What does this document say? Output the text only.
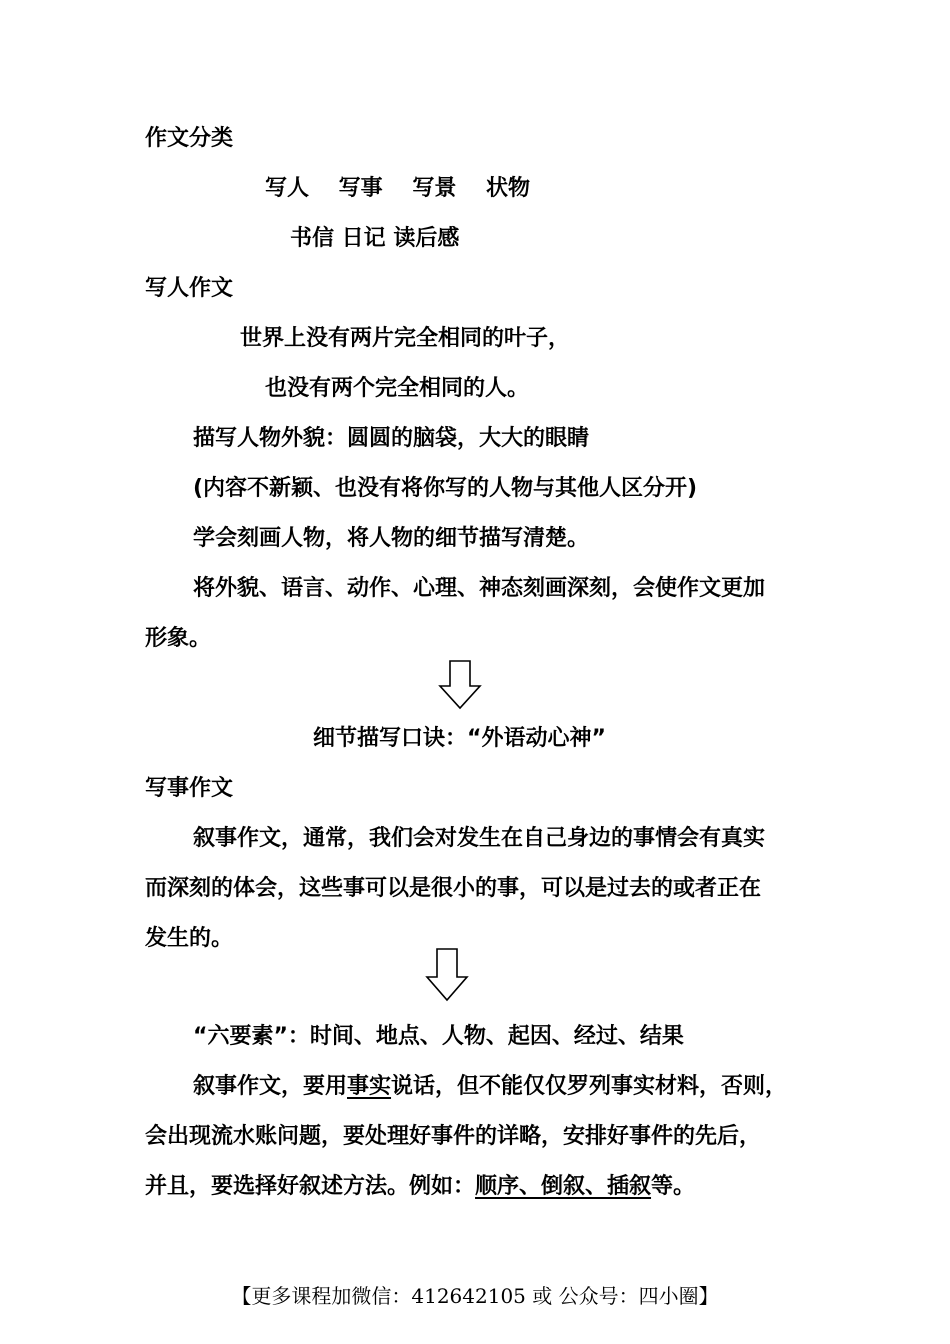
作文分类
写人　 写事　 写景　 状物
书信 日记 读后感
写人作文
世界上没有两片完全相同的叶子，
也没有两个完全相同的人。
描写人物外貌：圆圆的脑袋，大大的眼睛
(内容不新颖、也没有将你写的人物与其他人区分开)
学会刻画人物，将人物的细节描写清楚。
将外貌、语言、动作、心理、神态刻画深刻，会使作文更加
形象。
细节描写口诀：“外语动心神”
写事作文
叙事作文，通常，我们会对发生在自己身边的事情会有真实
而深刻的体会，这些事可以是很小的事，可以是过去的或者正在
发生的。
“六要素”：时间、地点、人物、起因、经过、结果
叙事作文，要用事实说话，但不能仅仅罗列事实材料，否则，
会出现流水账问题，要处理好事件的详略，安排好事件的先后，
并且，要选择好叙述方法。例如：顺序、倒叙、插叙等。
【更多课程加微信：412642105 或 公众号：四小圈】
